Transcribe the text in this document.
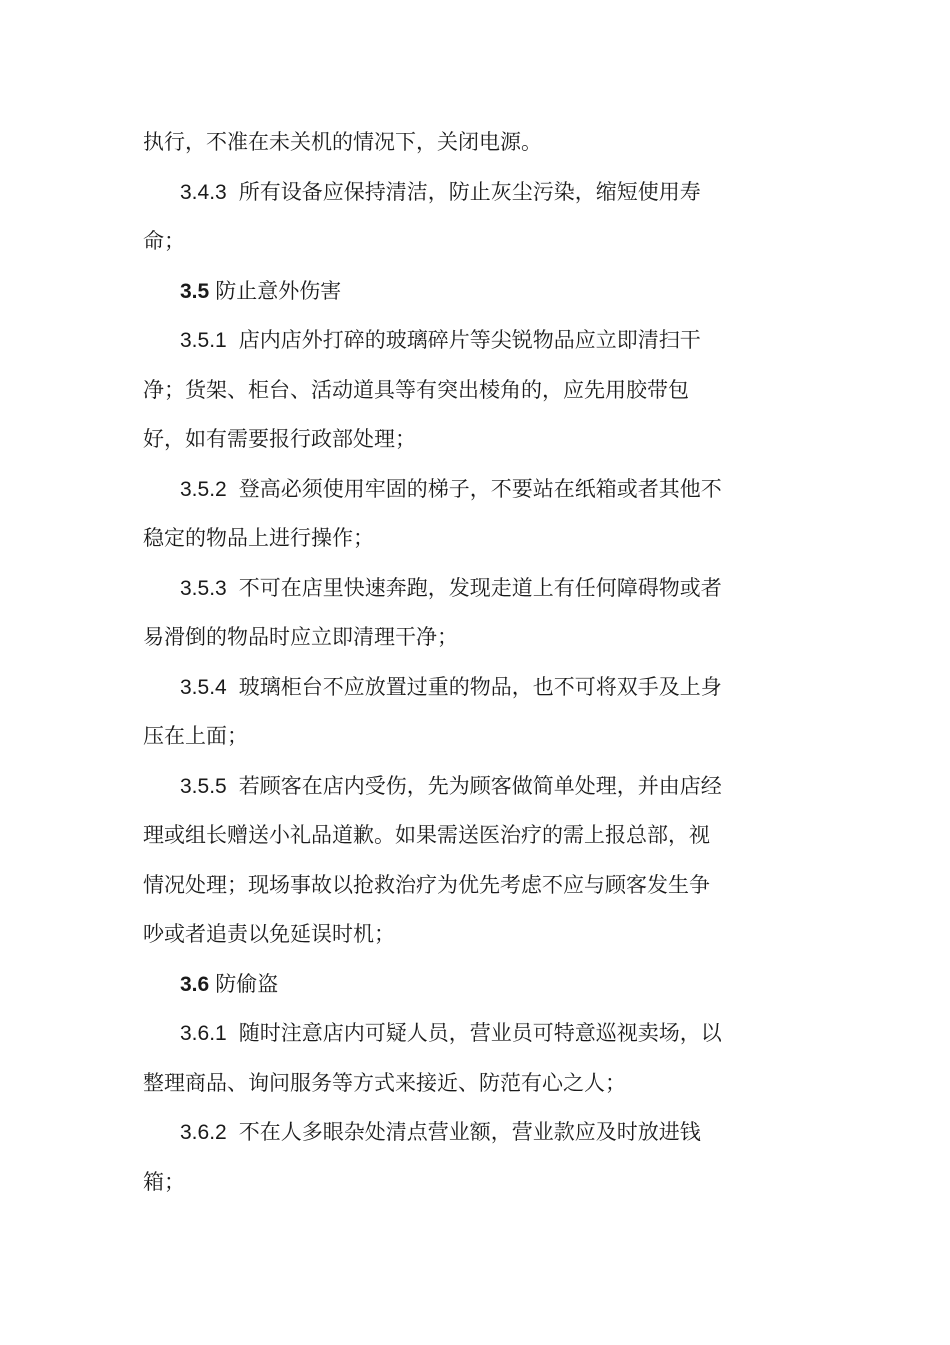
执行，不准在未关机的情况下，关闭电源。
3.4.3 所有设备应保持清洁，防止灰尘污染，缩短使用寿
命；
3.5 防止意外伤害
3.5.1 店内店外打碎的玻璃碎片等尖锐物品应立即清扫干
净；货架、柜台、活动道具等有突出棱角的，应先用胶带包
好，如有需要报行政部处理；
3.5.2 登高必须使用牢固的梯子，不要站在纸箱或者其他不
稳定的物品上进行操作；
3.5.3 不可在店里快速奔跑，发现走道上有任何障碍物或者
易滑倒的物品时应立即清理干净；
3.5.4 玻璃柜台不应放置过重的物品，也不可将双手及上身
压在上面；
3.5.5 若顾客在店内受伤，先为顾客做简单处理，并由店经
理或组长赠送小礼品道歉。如果需送医治疗的需上报总部，视
情况处理；现场事故以抢救治疗为优先考虑不应与顾客发生争
吵或者追责以免延误时机；
3.6 防偷盗
3.6.1 随时注意店内可疑人员，营业员可特意巡视卖场，以
整理商品、询问服务等方式来接近、防范有心之人；
3.6.2 不在人多眼杂处清点营业额，营业款应及时放进钱
箱；
